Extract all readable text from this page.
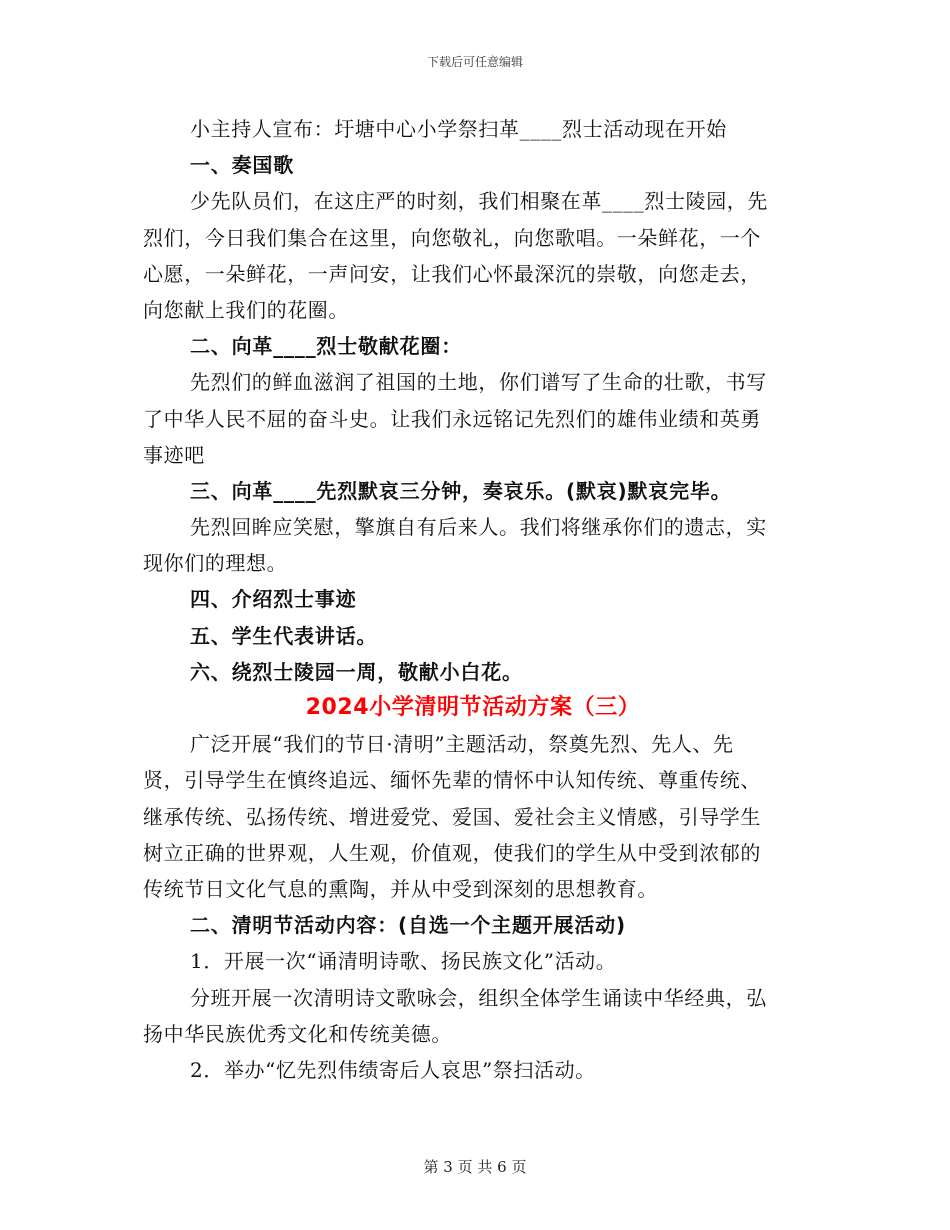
下载后可任意编辑
小主持人宣布：圩塘中心小学祭扫革____烈士活动现在开始
一、奏国歌
少先队员们，在这庄严的时刻，我们相聚在革____烈士陵园，先
烈们，今日我们集合在这里，向您敬礼，向您歌唱。一朵鲜花，一个
心愿，一朵鲜花，一声问安，让我们心怀最深沉的崇敬，向您走去，
向您献上我们的花圈。
二、向革____烈士敬献花圈：
先烈们的鲜血滋润了祖国的土地，你们谱写了生命的壮歌，书写
了中华人民不屈的奋斗史。让我们永远铭记先烈们的雄伟业绩和英勇
事迹吧
三、向革____先烈默哀三分钟，奏哀乐。(默哀)默哀完毕。
先烈回眸应笑慰，擎旗自有后来人。我们将继承你们的遗志，实
现你们的理想。
四、介绍烈士事迹
五、学生代表讲话。
六、绕烈士陵园一周，敬献小白花。
2024小学清明节活动方案（三）
广泛开展“我们的节日·清明”主题活动，祭奠先烈、先人、先
贤，引导学生在慎终追远、缅怀先辈的情怀中认知传统、尊重传统、
继承传统、弘扬传统、增进爱党、爱国、爱社会主义情感，引导学生
树立正确的世界观，人生观，价值观，使我们的学生从中受到浓郁的
传统节日文化气息的熏陶，并从中受到深刻的思想教育。
二、清明节活动内容：(自选一个主题开展活动)
1．开展一次“诵清明诗歌、扬民族文化”活动。
分班开展一次清明诗文歌咏会，组织全体学生诵读中华经典，弘
扬中华民族优秀文化和传统美德。
2．举办“忆先烈伟绩寄后人哀思”祭扫活动。
第 3 页 共 6 页
